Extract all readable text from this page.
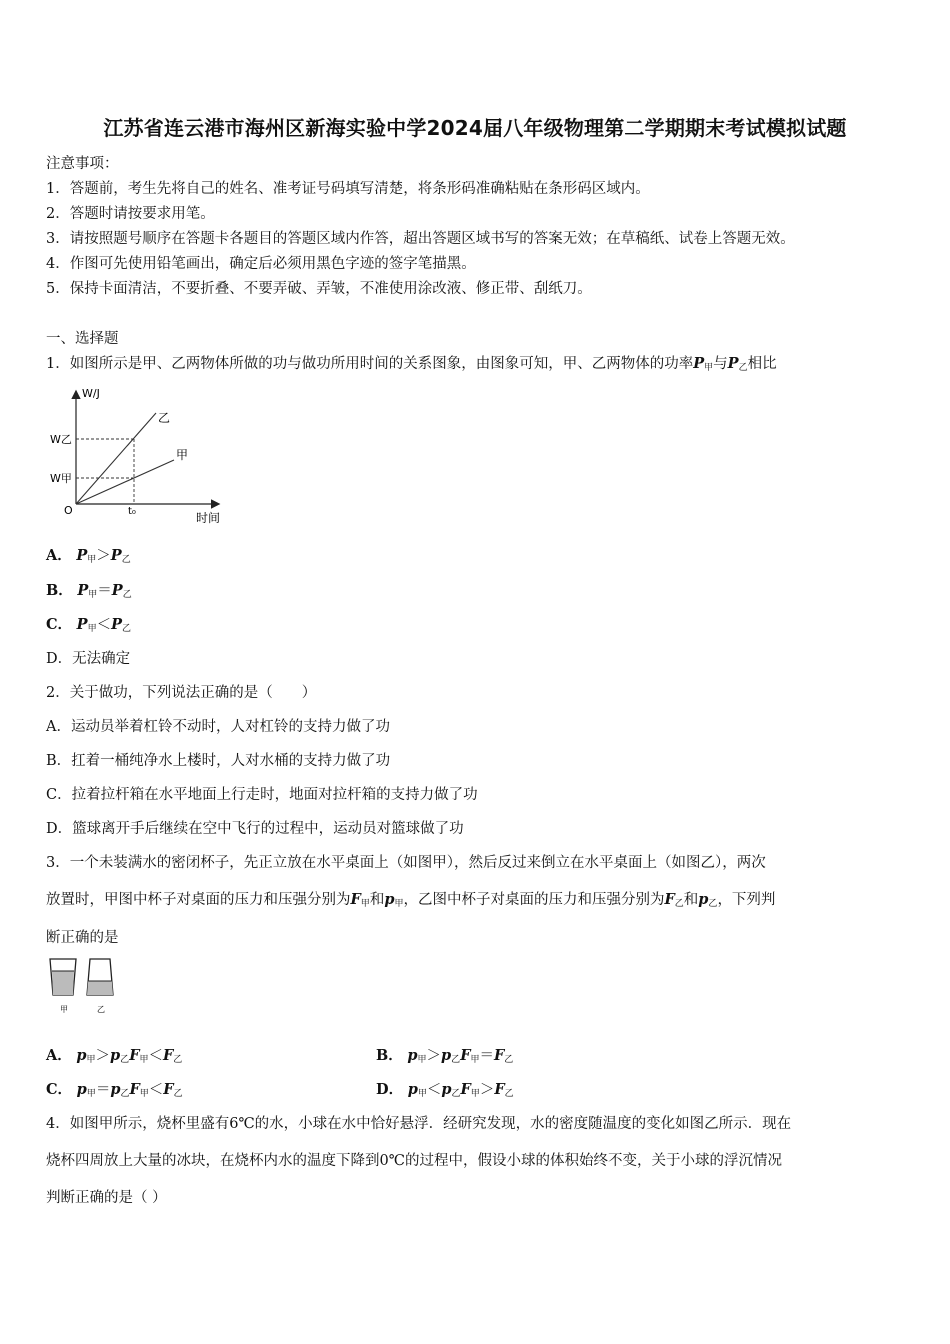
江苏省连云港市海州区新海实验中学2024届八年级物理第二学期期末考试模拟试题
注意事项：
1．答题前，考生先将自己的姓名、准考证号码填写清楚，将条形码准确粘贴在条形码区域内。
2．答题时请按要求用笔。
3．请按照题号顺序在答题卡各题目的答题区域内作答，超出答题区域书写的答案无效；在草稿纸、试卷上答题无效。
4．作图可先使用铅笔画出，确定后必须用黑色字迹的签字笔描黑。
5．保持卡面清洁，不要折叠、不要弄破、弄皱，不准使用涂改液、修正带、刮纸刀。
一、选择题
1．如图所示是甲、乙两物体所做的功与做功所用时间的关系图象，由图象可知，甲、乙两物体的功率$P_甲$与$P_乙$相比
W/J
时间
O	t₀
W乙
W甲
乙
甲
A． $P_甲>P_乙$
B． $P_甲=P_乙$
C． $P_甲<P_乙$
D．无法确定
2．关于做功，下列说法正确的是（　　）
A．运动员举着杠铃不动时，人对杠铃的支持力做了功
B．扛着一桶纯净水上楼时，人对水桶的支持力做了功
C．拉着拉杆箱在水平地面上行走时，地面对拉杆箱的支持力做了功
D．篮球离开手后继续在空中飞行的过程中，运动员对篮球做了功
3．一个未装满水的密闭杯子，先正立放在水平桌面上（如图甲），然后反过来倒立在水平桌面上（如图乙），两次
放置时，甲图中杯子对桌面的压力和压强分别为$F_甲$和$p_甲$，乙图中杯子对桌面的压力和压强分别为$F_乙$和$p_乙$，下列判
断正确的是
甲	乙
A． $p_甲>p_乙F_甲<F_乙$	B． $p_甲>p_乙F_甲=F_乙$
C． $p_甲=p_乙F_甲<F_乙$	D． $p_甲<p_乙F_甲>F_乙$
4．如图甲所示，烧杯里盛有6℃的水，小球在水中恰好悬浮．经研究发现，水的密度随温度的变化如图乙所示．现在
烧杯四周放上大量的冰块，在烧杯内水的温度下降到0℃的过程中，假设小球的体积始终不变，关于小球的浮沉情况
判断正确的是（ ）
